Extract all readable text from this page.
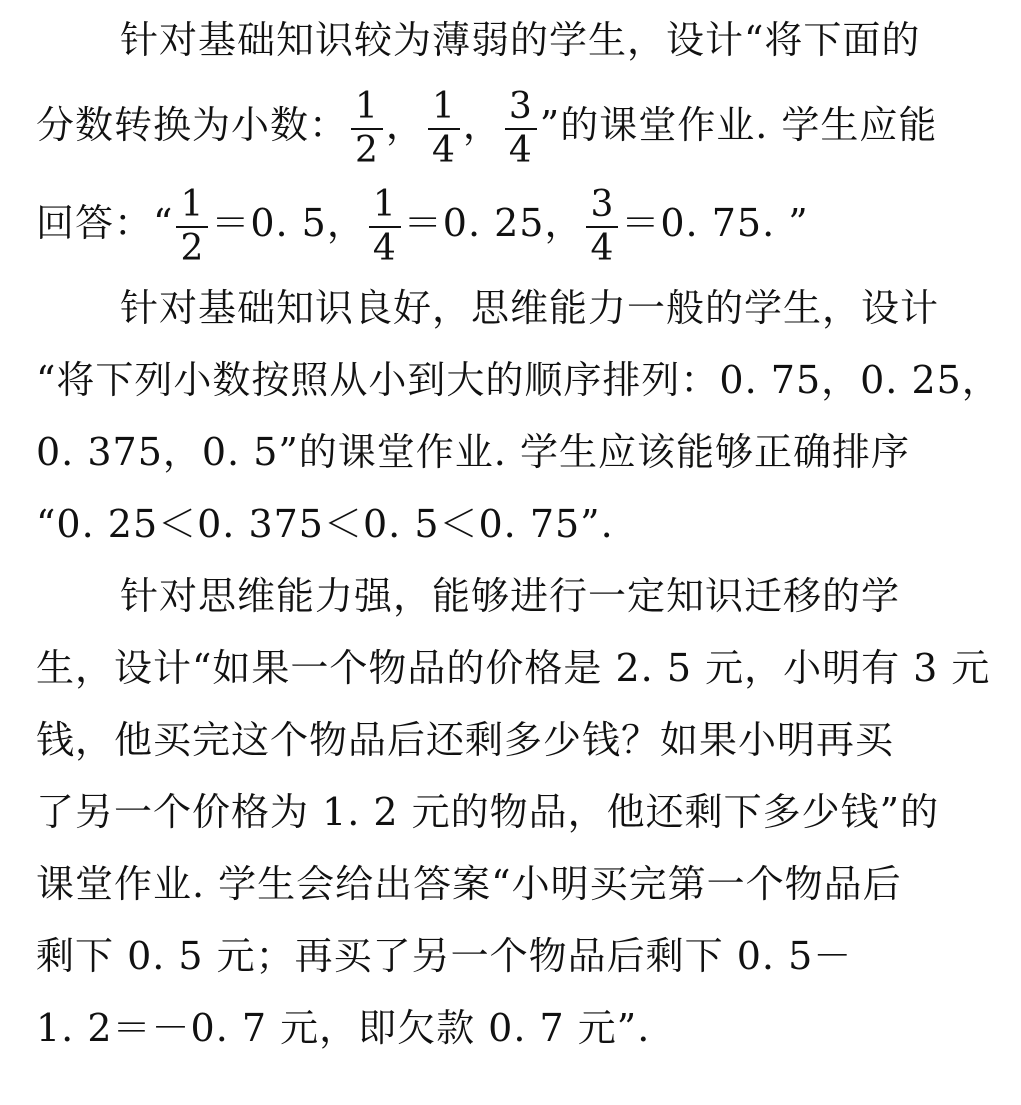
针对基础知识较为薄弱的学生，设计“将下面的
分数转换为小数： $\frac{1}{2}$ ， $\frac{1}{4}$ ， $\frac{3}{4}$ ”的课堂作业. 学生应能
回答：“ $\frac{1}{2} =0$. 5， $\frac{1}{4} =0$. 25， $\frac{3}{4} =0$. 75. ”
针对基础知识良好，思维能力一般的学生，设计
“将下列小数按照从小到大的顺序排列：0. 75，0. 25，
0. 375，0. 5”的课堂作业. 学生应该能够正确排序
“0. 25＜0. 375＜0. 5＜0. 75”.
针对思维能力强，能够进行一定知识迁移的学
生，设计“如果一个物品的价格是 2. 5 元，小明有 3 元
钱，他买完这个物品后还剩多少钱？如果小明再买
了另一个价格为 1. 2 元的物品，他还剩下多少钱”的
课堂作业. 学生会给出答案“小明买完第一个物品后
剩下 0. 5 元；再买了另一个物品后剩下 0. 5－
1. 2＝－0. 7 元，即欠款 0. 7 元”.
